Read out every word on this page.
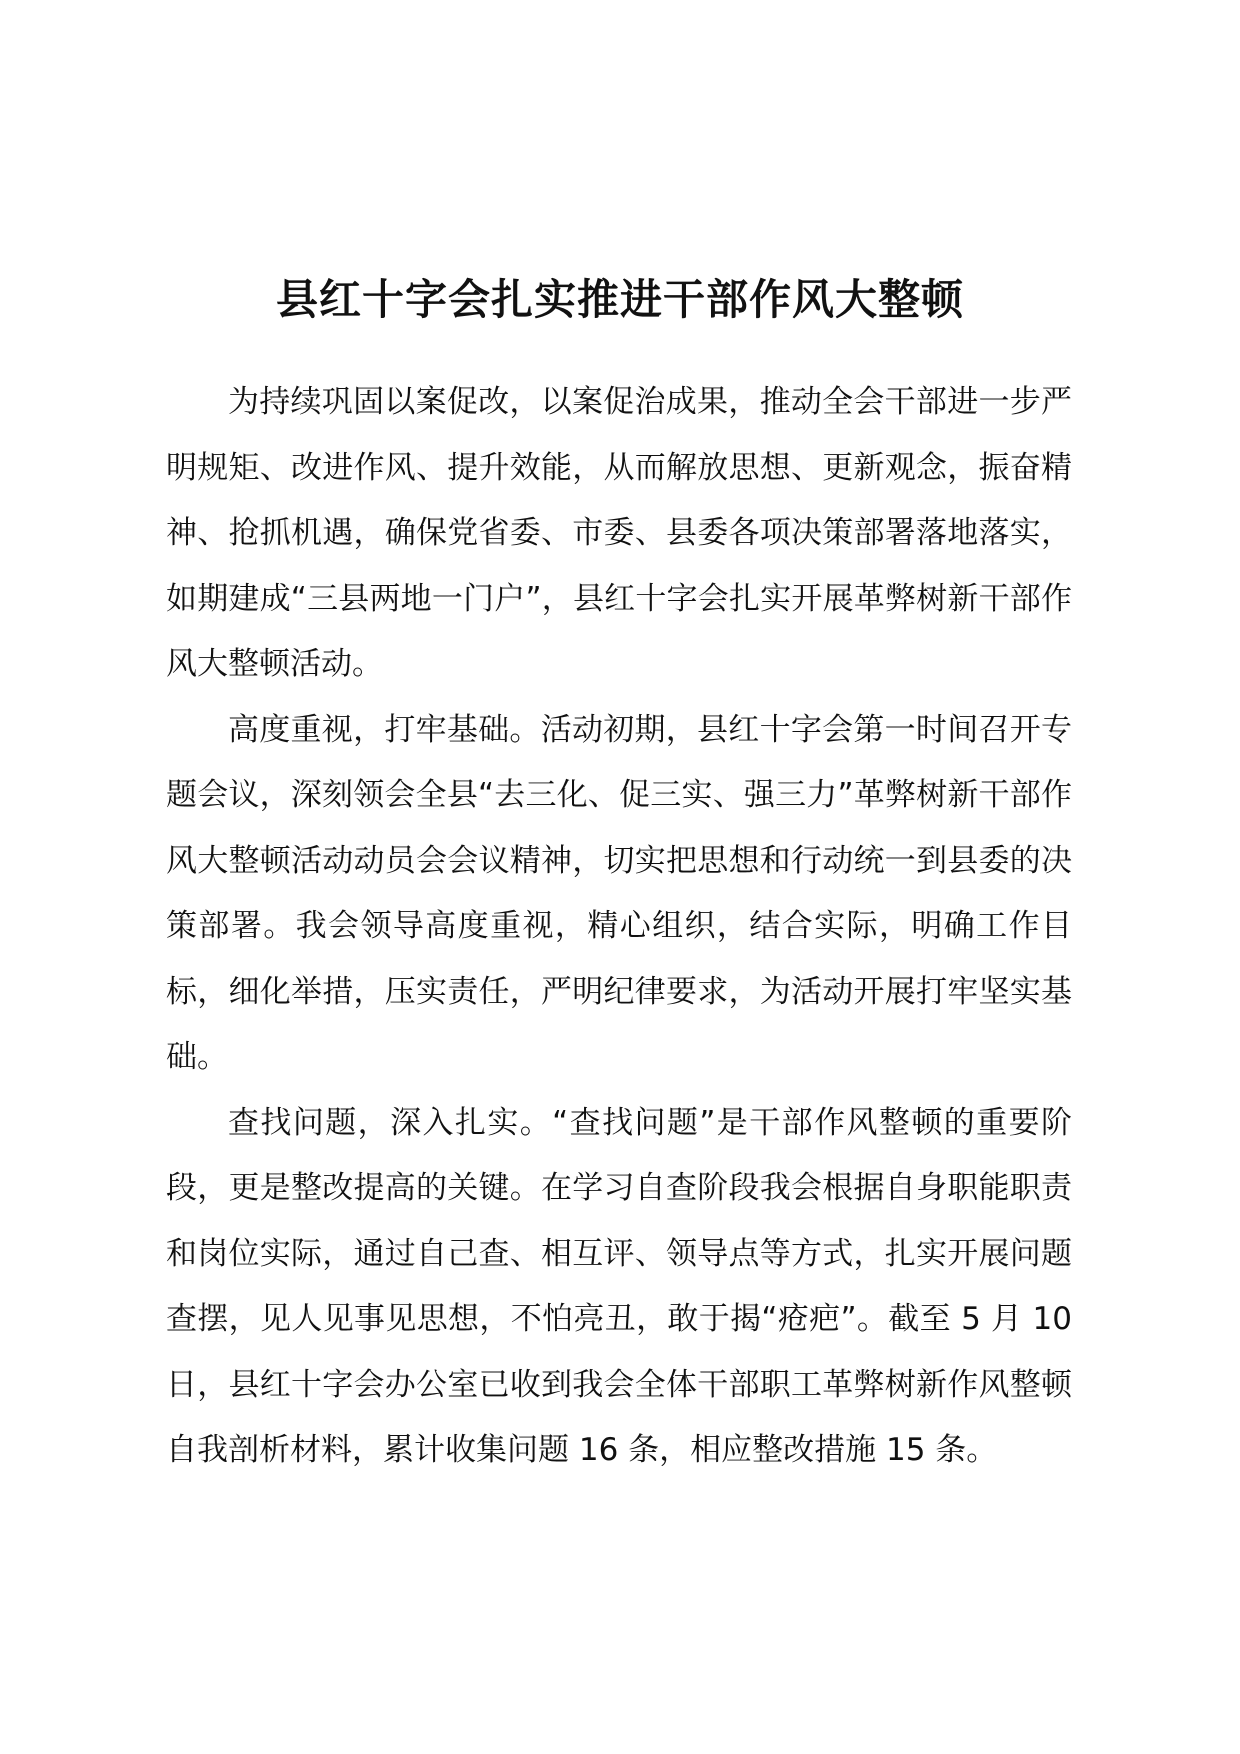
县红十字会扎实推进干部作风大整顿

为持续巩固以案促改，以案促治成果，推动全会干部进一步严明规矩、改进作风、提升效能，从而解放思想、更新观念，振奋精神、抢抓机遇，确保党省委、市委、县委各项决策部署落地落实，如期建成“三县两地一门户”，县红十字会扎实开展革弊树新干部作风大整顿活动。

高度重视，打牢基础。活动初期，县红十字会第一时间召开专题会议，深刻领会全县“去三化、促三实、强三力”革弊树新干部作风大整顿活动动员会会议精神，切实把思想和行动统一到县委的决策部署。我会领导高度重视，精心组织，结合实际，明确工作目标，细化举措，压实责任，严明纪律要求，为活动开展打牢坚实基础。

查找问题，深入扎实。“查找问题”是干部作风整顿的重要阶段，更是整改提高的关键。在学习自查阶段我会根据自身职能职责和岗位实际，通过自己查、相互评、领导点等方式，扎实开展问题查摆，见人见事见思想，不怕亮丑，敢于揭“疮疤”。截至 5 月 10 日，县红十字会办公室已收到我会全体干部职工革弊树新作风整顿自我剖析材料，累计收集问题 16 条，相应整改措施 15 条。
